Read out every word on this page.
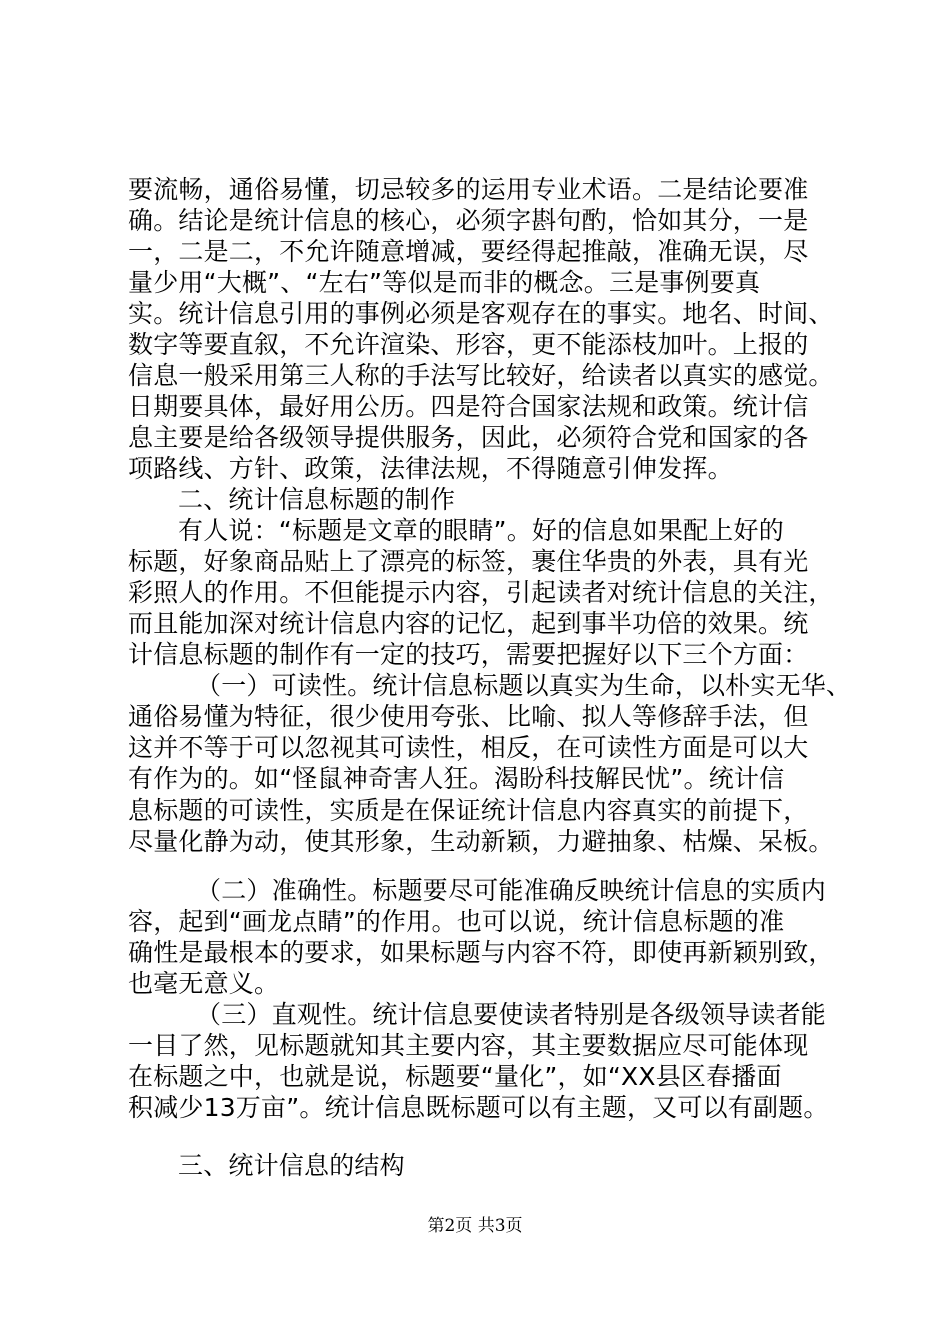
要流畅，通俗易懂，切忌较多的运用专业术语。二是结论要准
确。结论是统计信息的核心，必须字斟句酌，恰如其分，一是
一，二是二，不允许随意增减，要经得起推敲，准确无误，尽
量少用“大概”、“左右”等似是而非的概念。三是事例要真
实。统计信息引用的事例必须是客观存在的事实。地名、时间、
数字等要直叙，不允许渲染、形容，更不能添枝加叶。上报的
信息一般采用第三人称的手法写比较好，给读者以真实的感觉。
日期要具体，最好用公历。四是符合国家法规和政策。统计信
息主要是给各级领导提供服务，因此，必须符合党和国家的各
项路线、方针、政策，法律法规，不得随意引伸发挥。
二、统计信息标题的制作
有人说：“标题是文章的眼睛”。好的信息如果配上好的
标题，好象商品贴上了漂亮的标签，裹住华贵的外表，具有光
彩照人的作用。不但能提示内容，引起读者对统计信息的关注，
而且能加深对统计信息内容的记忆，起到事半功倍的效果。统
计信息标题的制作有一定的技巧，需要把握好以下三个方面：
（一）可读性。统计信息标题以真实为生命，以朴实无华、
通俗易懂为特征，很少使用夸张、比喻、拟人等修辞手法，但
这并不等于可以忽视其可读性，相反，在可读性方面是可以大
有作为的。如“怪鼠神奇害人狂。渴盼科技解民忧”。统计信
息标题的可读性，实质是在保证统计信息内容真实的前提下，
尽量化静为动，使其形象，生动新颖，力避抽象、枯燥、呆板。
（二）准确性。标题要尽可能准确反映统计信息的实质内
容，起到“画龙点睛”的作用。也可以说，统计信息标题的准
确性是最根本的要求，如果标题与内容不符，即使再新颖别致，
也毫无意义。
（三）直观性。统计信息要使读者特别是各级领导读者能
一目了然，见标题就知其主要内容，其主要数据应尽可能体现
在标题之中，也就是说，标题要“量化”，如“XX县区春播面
积减少13万亩”。统计信息既标题可以有主题，又可以有副题。
三、统计信息的结构
第2页 共3页
